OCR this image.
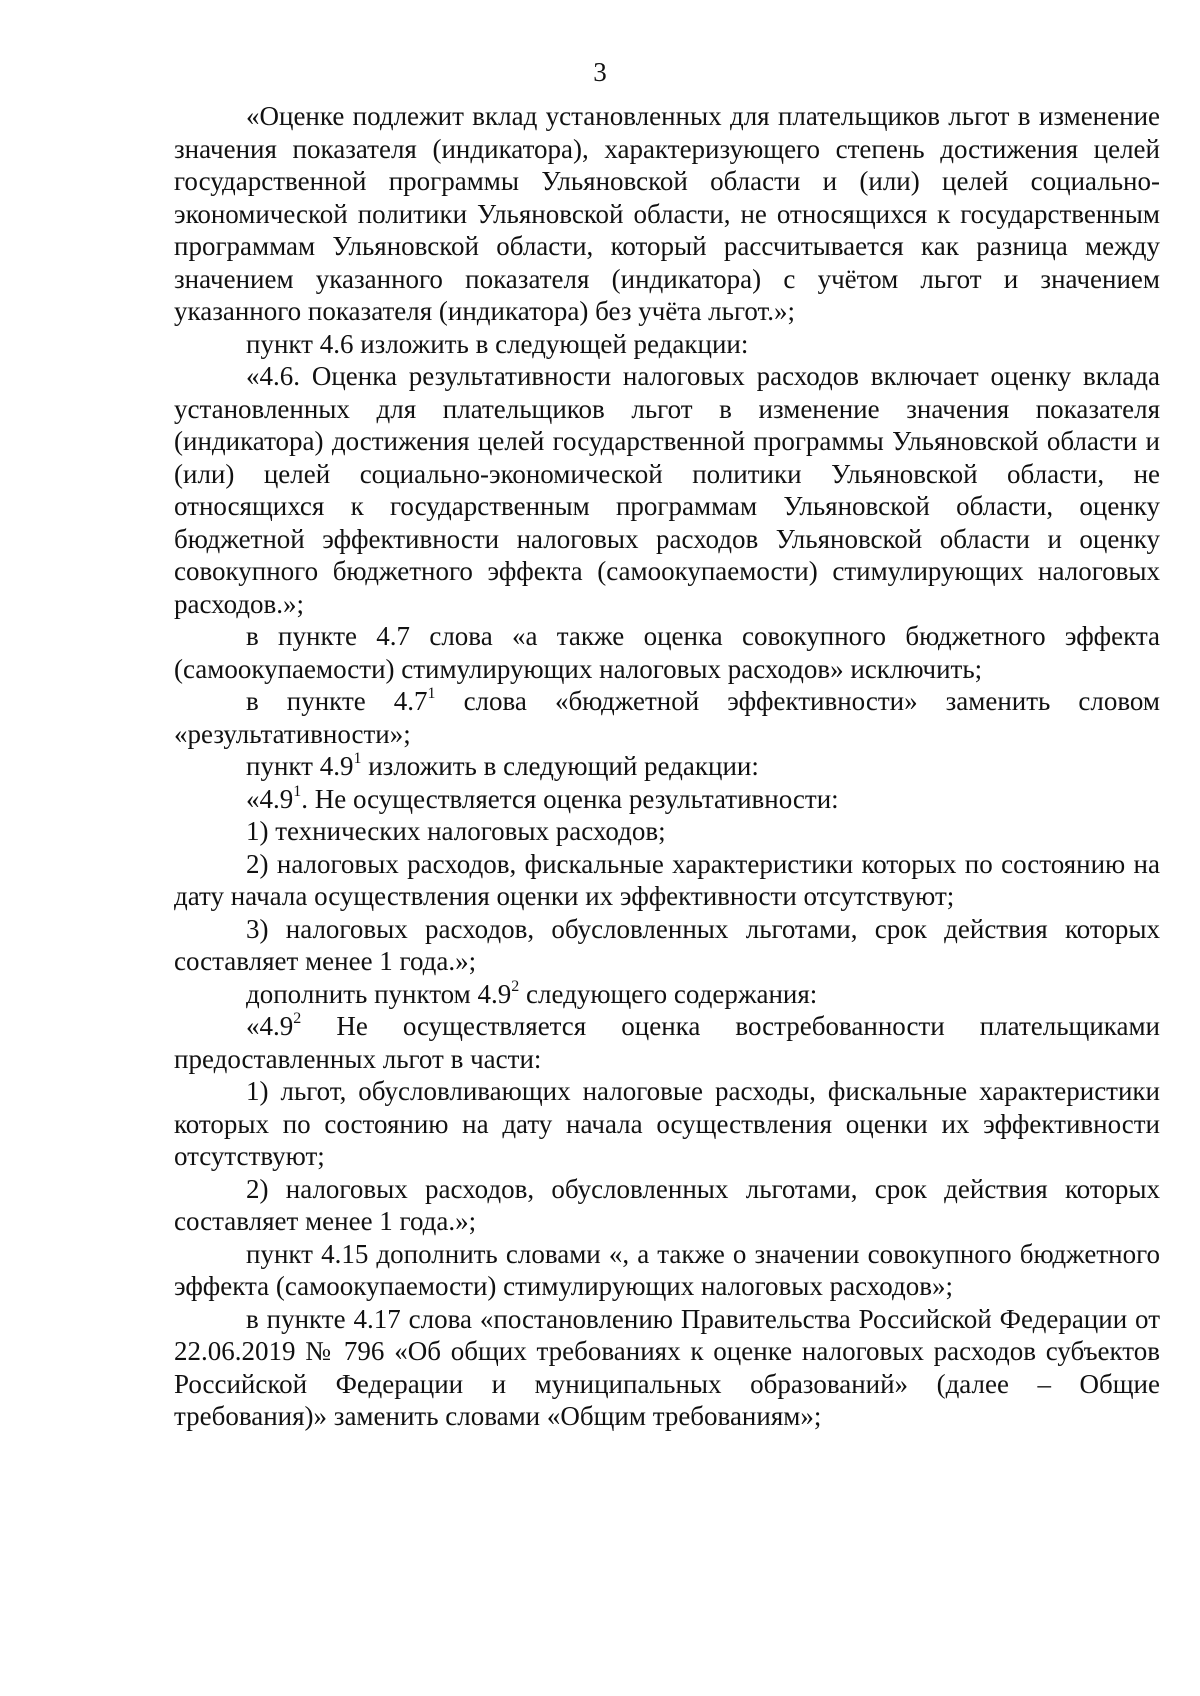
3

«Оценке подлежит вклад установленных для плательщиков льгот в изменение значения показателя (индикатора), характеризующего степень достижения целей государственной программы Ульяновской области и (или) целей социально-экономической политики Ульяновской области, не относящихся к государственным программам Ульяновской области, который рассчитывается как разница между значением указанного показателя (индикатора) с учётом льгот и значением указанного показателя (индикатора) без учёта льгот.»;

пункт 4.6 изложить в следующей редакции:

«4.6. Оценка результативности налоговых расходов включает оценку вклада установленных для плательщиков льгот в изменение значения показателя (индикатора) достижения целей государственной программы Ульяновской области и (или) целей социально-экономической политики Ульяновской области, не относящихся к государственным программам Ульяновской области, оценку бюджетной эффективности налоговых расходов Ульяновской области и оценку совокупного бюджетного эффекта (самоокупаемости) стимулирующих налоговых расходов.»;

в пункте 4.7 слова «а также оценка совокупного бюджетного эффекта (самоокупаемости) стимулирующих налоговых расходов» исключить;

в пункте $4.7^1$ слова «бюджетной эффективности» заменить словом «результативности»;

пункт $4.9^1$ изложить в следующий редакции:

«$4.9^1$. Не осуществляется оценка результативности:

1) технических налоговых расходов;

2) налоговых расходов, фискальные характеристики которых по состоянию на дату начала осуществления оценки их эффективности отсутствуют;

3) налоговых расходов, обусловленных льготами, срок действия которых составляет менее 1 года.»;

дополнить пунктом $4.9^2$ следующего содержания:

«$4.9^2$ Не осуществляется оценка востребованности плательщиками предоставленных льгот в части:

1) льгот, обусловливающих налоговые расходы, фискальные характеристики которых по состоянию на дату начала осуществления оценки их эффективности отсутствуют;

2) налоговых расходов, обусловленных льготами, срок действия которых составляет менее 1 года.»;

пункт 4.15 дополнить словами «, а также о значении совокупного бюджетного эффекта (самоокупаемости) стимулирующих налоговых расходов»;

в пункте 4.17 слова «постановлению Правительства Российской Федерации от 22.06.2019 № 796 «Об общих требованиях к оценке налоговых расходов субъектов Российской Федерации и муниципальных образований» (далее – Общие требования)» заменить словами «Общим требованиям»;
